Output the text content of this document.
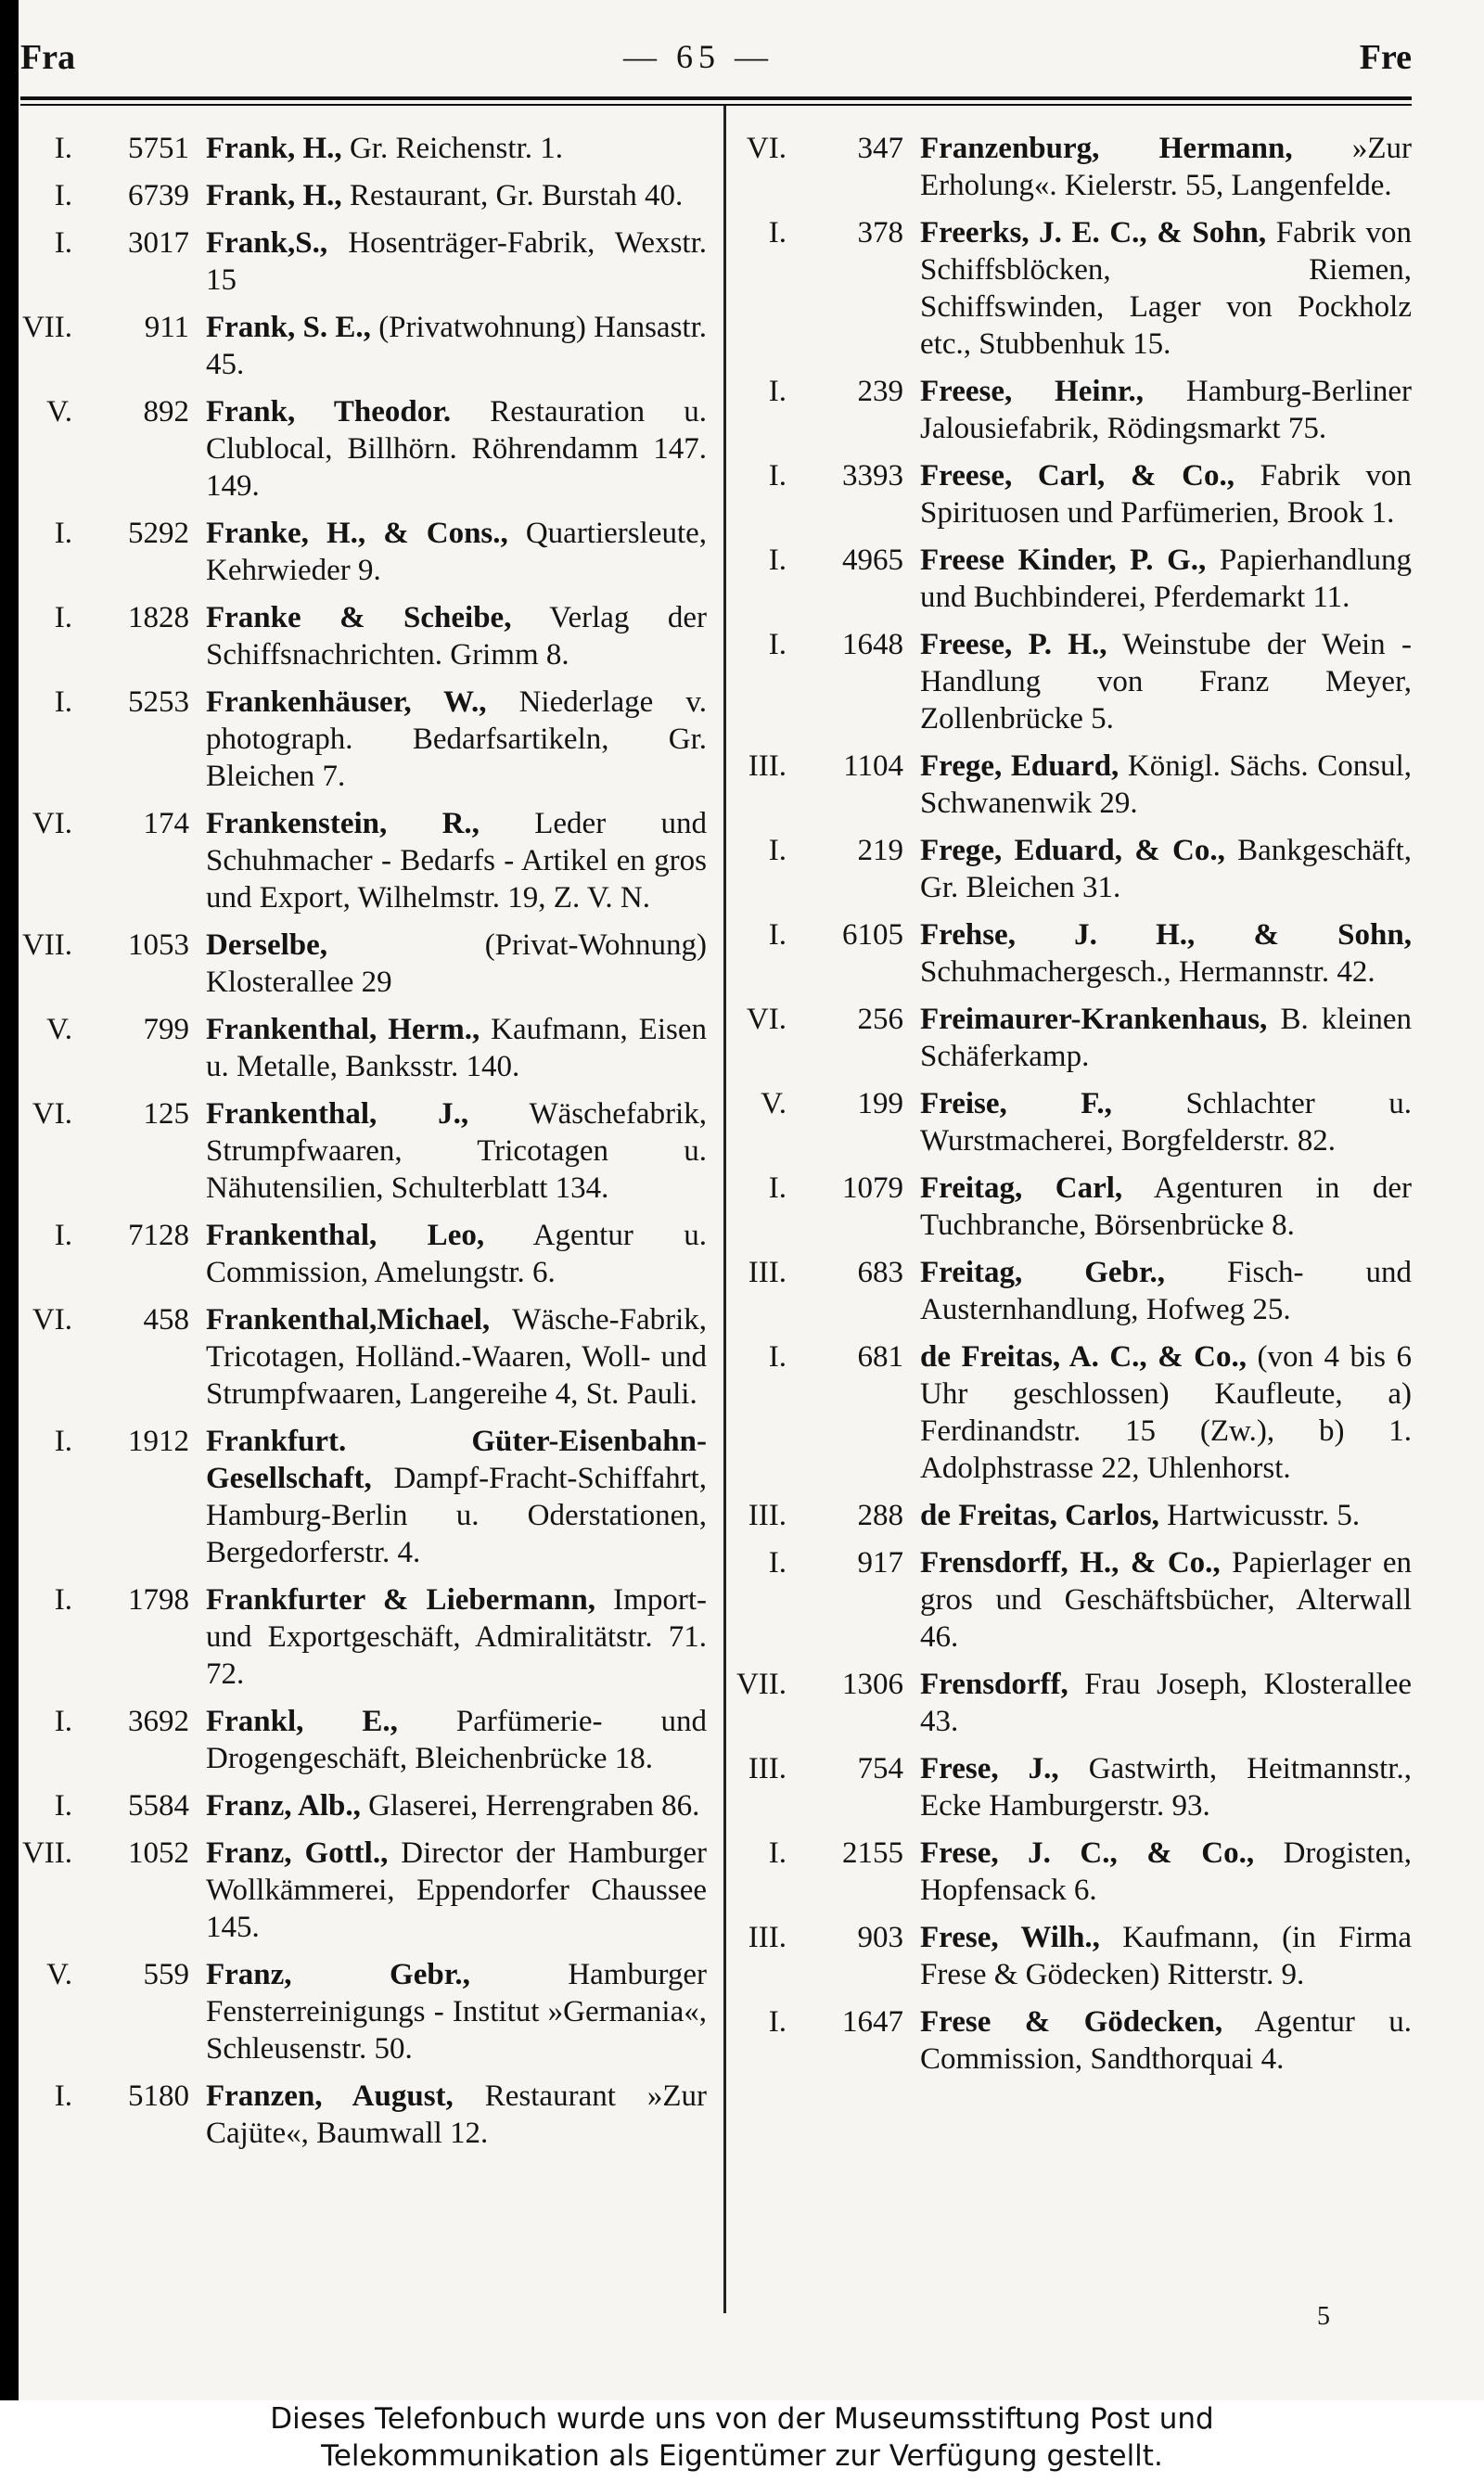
Fra	— 65 —	Fre
I. 5751 Frank, H., Gr. Reichenstr. 1.
I. 6739 Frank, H., Restaurant, Gr. Burstah 40.
I. 3017 Frank,S., Hosenträger-Fabrik, Wexstr. 15
VII. 911 Frank, S. E., (Privatwohnung) Hansastr. 45.
V. 892 Frank, Theodor. Restauration u. Clublocal, Billhörn. Röhrendamm 147. 149.
I. 5292 Franke, H., & Cons., Quartiersleute, Kehrwieder 9.
I. 1828 Franke & Scheibe, Verlag der Schiffsnachrichten. Grimm 8.
I. 5253 Frankenhäuser, W., Niederlage v. photograph. Bedarfsartikeln, Gr. Bleichen 7.
VI. 174 Frankenstein, R., Leder und Schuhmacher - Bedarfs - Artikel en gros und Export, Wilhelmstr. 19, Z. V. N.
VII. 1053 Derselbe, (Privat-Wohnung) Klosterallee 29
V. 799 Frankenthal, Herm., Kaufmann, Eisen u. Metalle, Banksstr. 140.
VI. 125 Frankenthal, J., Wäschefabrik, Strumpfwaaren, Tricotagen u. Nähutensilien, Schulterblatt 134.
I. 7128 Frankenthal, Leo, Agentur u. Commission, Amelungstr. 6.
VI. 458 Frankenthal,Michael, Wäsche-Fabrik, Tricotagen, Holländ.-Waaren, Woll- und Strumpfwaaren, Langereihe 4, St. Pauli.
I. 1912 Frankfurt. Güter-Eisenbahn-Gesellschaft, Dampf-Fracht-Schiffahrt, Hamburg-Berlin u. Oderstationen, Bergedorferstr. 4.
I. 1798 Frankfurter & Liebermann, Import- und Exportgeschäft, Admiralitätstr. 71. 72.
I. 3692 Frankl, E., Parfümerie- und Drogengeschäft, Bleichenbrücke 18.
I. 5584 Franz, Alb., Glaserei, Herrengraben 86.
VII. 1052 Franz, Gottl., Director der Hamburger Wollkämmerei, Eppendorfer Chaussee 145.
V. 559 Franz, Gebr., Hamburger Fensterreinigungs - Institut »Germania«, Schleusenstr. 50.
I. 5180 Franzen, August, Restaurant »Zur Cajüte«, Baumwall 12.
VI. 347 Franzenburg, Hermann, »Zur Erholung«. Kielerstr. 55, Langenfelde.
I. 378 Freerks, J. E. C., & Sohn, Fabrik von Schiffsblöcken, Riemen, Schiffswinden, Lager von Pockholz etc., Stubbenhuk 15.
I. 239 Freese, Heinr., Hamburg-Berliner Jalousiefabrik, Rödingsmarkt 75.
I. 3393 Freese, Carl, & Co., Fabrik von Spirituosen und Parfümerien, Brook 1.
I. 4965 Freese Kinder, P. G., Papierhandlung und Buchbinderei, Pferdemarkt 11.
I. 1648 Freese, P. H., Weinstube der Wein - Handlung von Franz Meyer, Zollenbrücke 5.
III. 1104 Frege, Eduard, Königl. Sächs. Consul, Schwanenwik 29.
I. 219 Frege, Eduard, & Co., Bankgeschäft, Gr. Bleichen 31.
I. 6105 Frehse, J. H., & Sohn, Schuhmachergesch., Hermannstr. 42.
VI. 256 Freimaurer-Krankenhaus, B. kleinen Schäferkamp.
V. 199 Freise, F., Schlachter u. Wurstmacherei, Borgfelderstr. 82.
I. 1079 Freitag, Carl, Agenturen in der Tuchbranche, Börsenbrücke 8.
III. 683 Freitag, Gebr., Fisch- und Austernhandlung, Hofweg 25.
I. 681 de Freitas, A. C., & Co., (von 4 bis 6 Uhr geschlossen) Kaufleute, a) Ferdinandstr. 15 (Zw.), b) 1. Adolphstrasse 22, Uhlenhorst.
III. 288 de Freitas, Carlos, Hartwicusstr. 5.
I. 917 Frensdorff, H., & Co., Papierlager en gros und Geschäftsbücher, Alterwall 46.
VII. 1306 Frensdorff, Frau Joseph, Klosterallee 43.
III. 754 Frese, J., Gastwirth, Heitmannstr., Ecke Hamburgerstr. 93.
I. 2155 Frese, J. C., & Co., Drogisten, Hopfensack 6.
III. 903 Frese, Wilh., Kaufmann, (in Firma Frese & Gödecken) Ritterstr. 9.
I. 1647 Frese & Gödecken, Agentur u. Commission, Sandthorquai 4.
5
Dieses Telefonbuch wurde uns von der Museumsstiftung Post und
Telekommunikation als Eigentümer zur Verfügung gestellt.
